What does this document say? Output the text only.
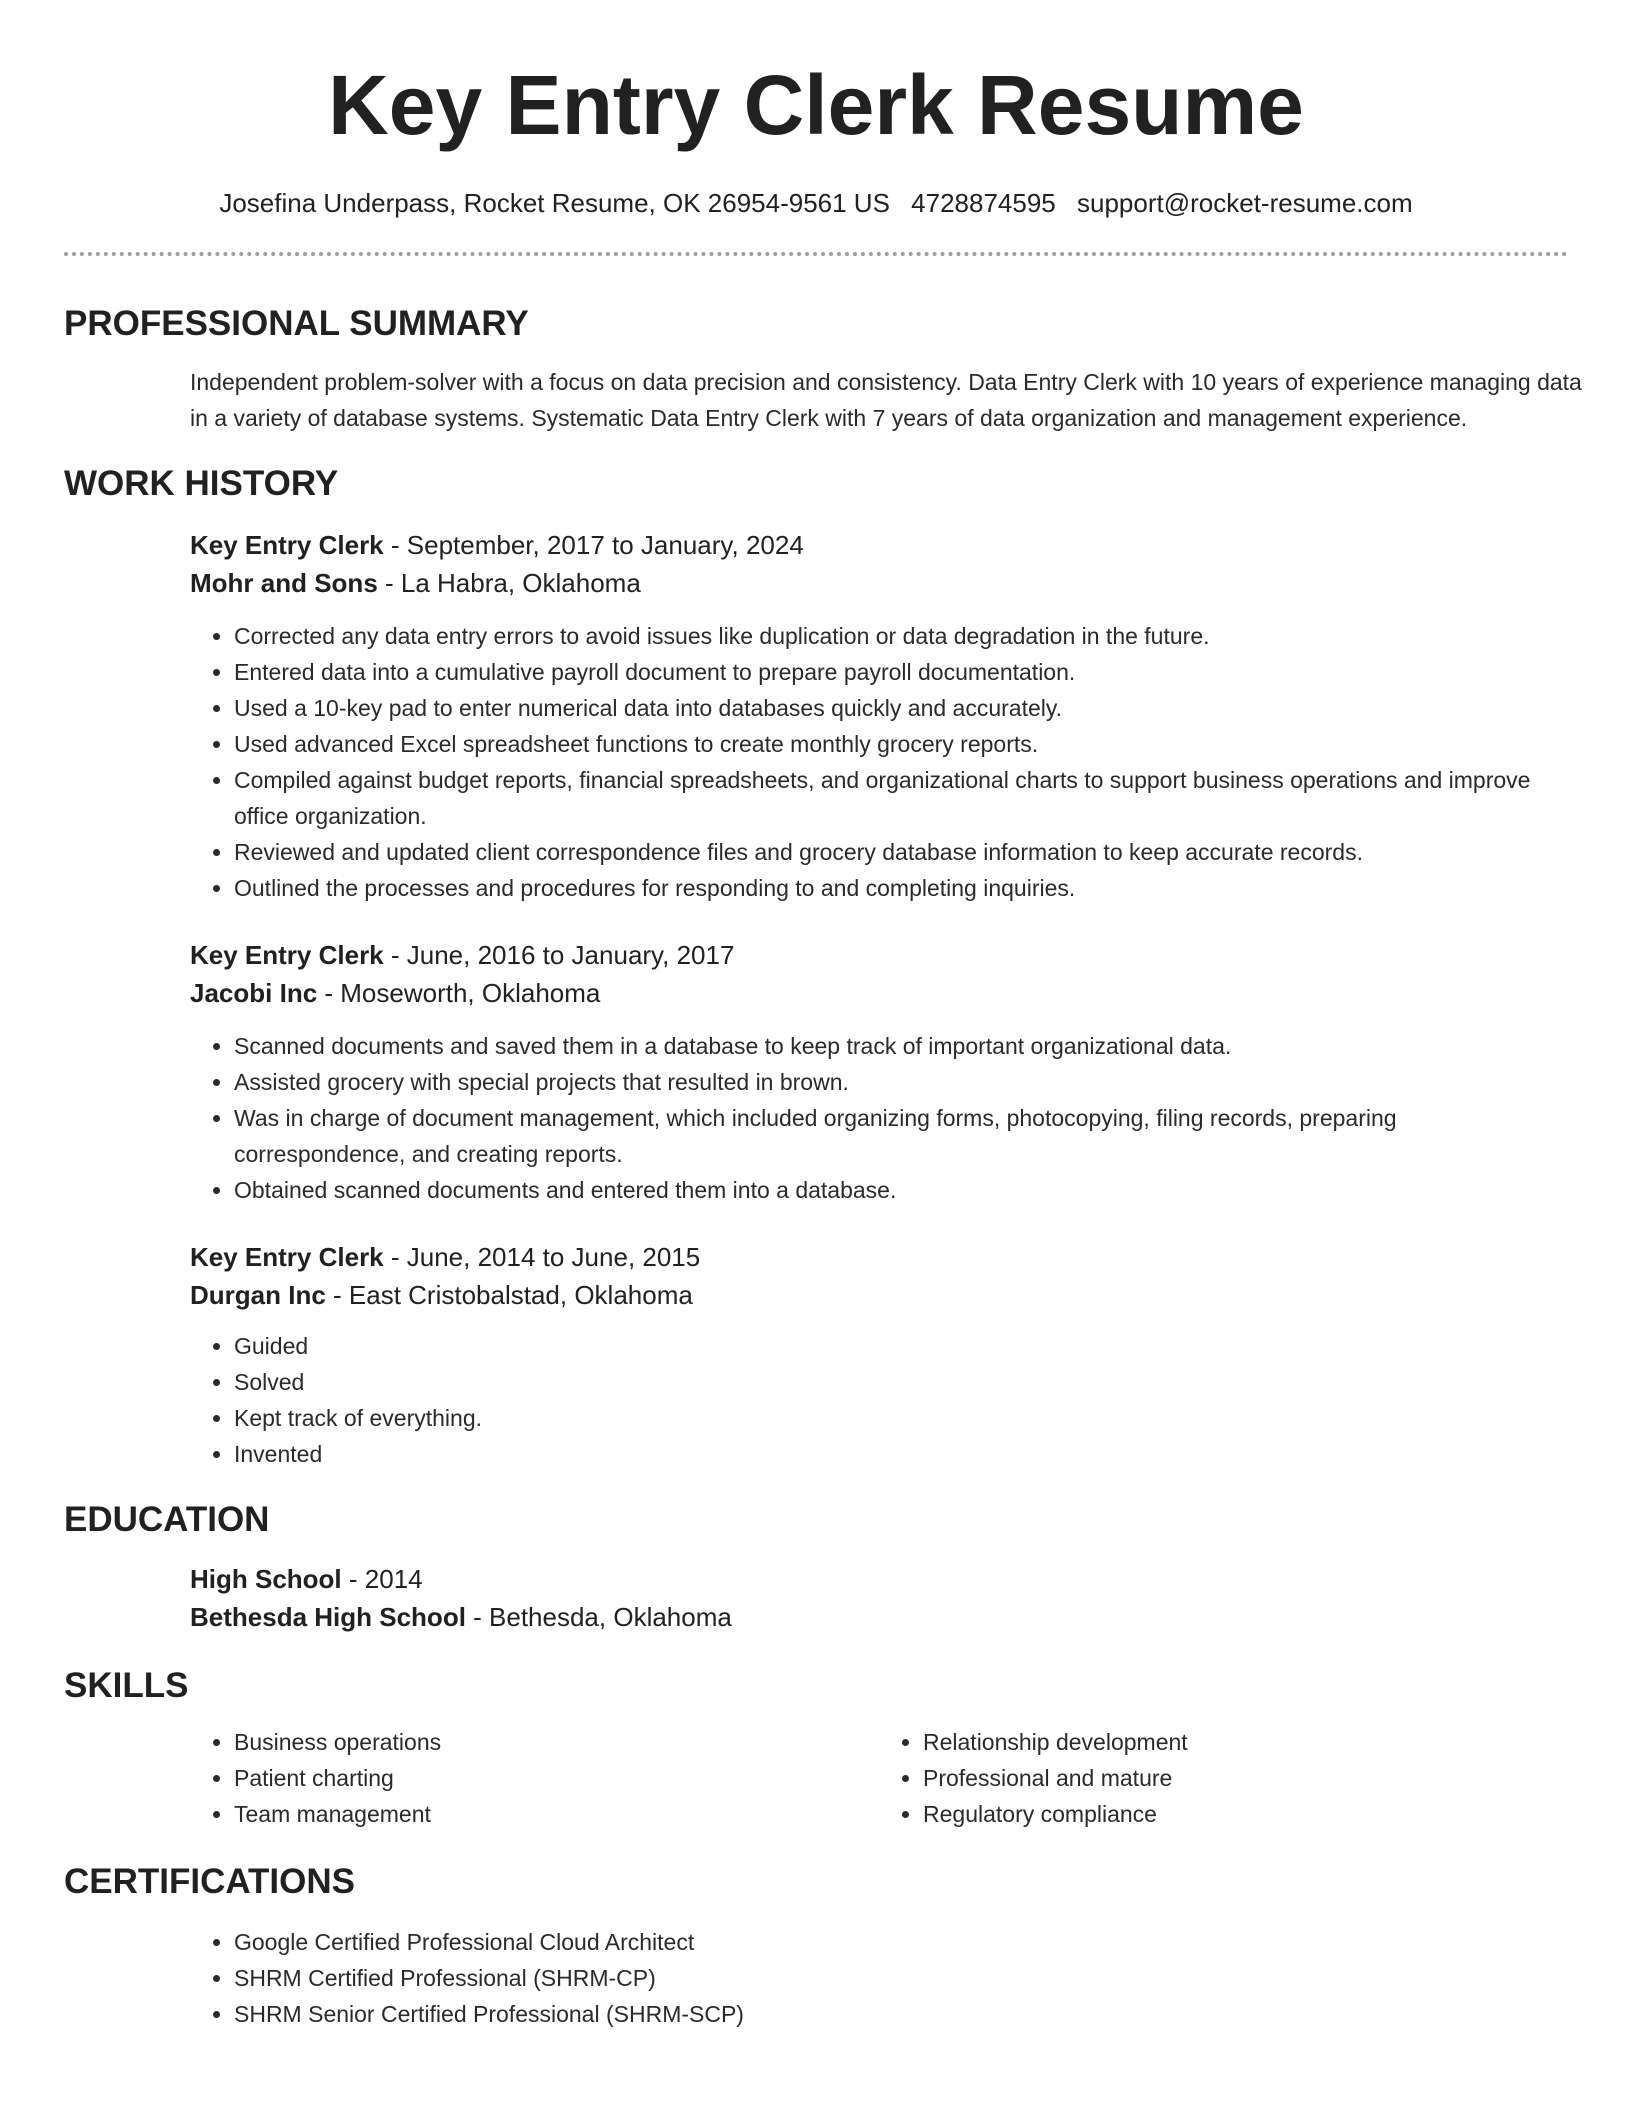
Key Entry Clerk Resume
Josefina Underpass, Rocket Resume, OK 26954-9561 US 4728874595 support@rocket-resume.com
PROFESSIONAL SUMMARY

Independent problem-solver with a focus on data precision and consistency. Data Entry Clerk with 10 years of experience managing data in a variety of database systems. Systematic Data Entry Clerk with 7 years of data organization and management experience.

WORK HISTORY
Key Entry Clerk - September, 2017 to January, 2024
Mohr and Sons - La Habra, Oklahoma
• Corrected any data entry errors to avoid issues like duplication or data degradation in the future.
• Entered data into a cumulative payroll document to prepare payroll documentation.
• Used a 10-key pad to enter numerical data into databases quickly and accurately.
• Used advanced Excel spreadsheet functions to create monthly grocery reports.
• Compiled against budget reports, financial spreadsheets, and organizational charts to support business operations and improve office organization.
• Reviewed and updated client correspondence files and grocery database information to keep accurate records.
• Outlined the processes and procedures for responding to and completing inquiries.
Key Entry Clerk - June, 2016 to January, 2017
Jacobi Inc - Moseworth, Oklahoma
• Scanned documents and saved them in a database to keep track of important organizational data.
• Assisted grocery with special projects that resulted in brown.
• Was in charge of document management, which included organizing forms, photocopying, filing records, preparing correspondence, and creating reports.
• Obtained scanned documents and entered them into a database.
Key Entry Clerk - June, 2014 to June, 2015
Durgan Inc - East Cristobalstad, Oklahoma
• Guided
• Solved
• Kept track of everything.
• Invented
EDUCATION
High School - 2014
Bethesda High School - Bethesda, Oklahoma
SKILLS
• Business operations
• Patient charting
• Team management
• Relationship development
• Professional and mature
• Regulatory compliance
CERTIFICATIONS
• Google Certified Professional Cloud Architect
• SHRM Certified Professional (SHRM-CP)
• SHRM Senior Certified Professional (SHRM-SCP)
